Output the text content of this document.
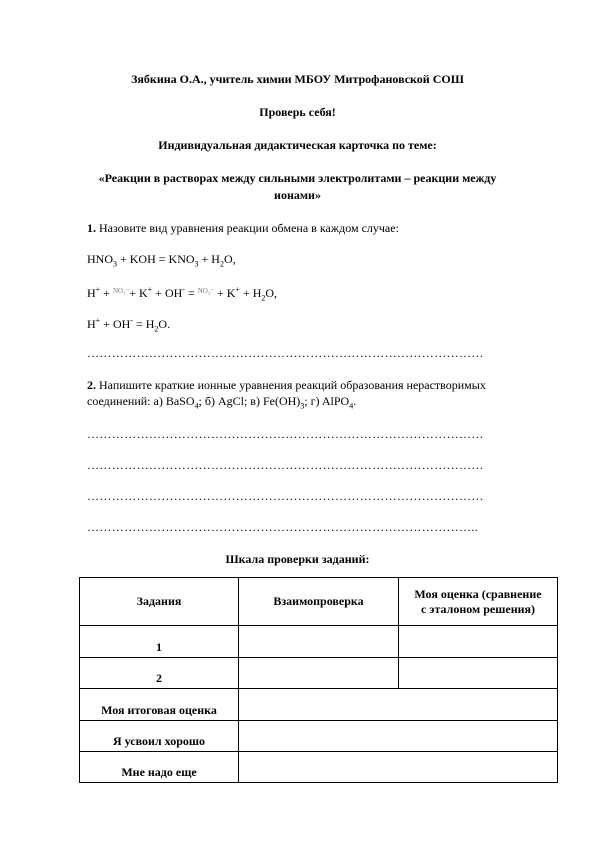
Зябкина О.А., учитель химии МБОУ Митрофановской СОШ
Проверь себя!
Индивидуальная дидактическая карточка по теме:
«Реакции в растворах между сильными электролитами – реакции между
ионами»
1. Назовите вид уравнения реакции обмена в каждом случае:
$HNO_3$ + KOH = $KNO_3 + H_2O$,
$H^+ + ^{NO_3^-}+ K^+ + OH^- = ^{NO_3^-} + K^+ + H_2O$,
$H^+ + OH^- = H_2O$.
……………………………………………………………………………………
2. Напишите краткие ионные уравнения реакций образования нерастворимых
соединений: а) BaSO$_4$; б) AgCl; в) $Fe(OH)_3$; г) AlPO$_4$.
……………………………………………………………………………………
……………………………………………………………………………………
……………………………………………………………………………………
…………………………………………………………………………………..
Шкала проверки заданий:
Задания	Взаимопроверка	Моя оценка (сравнение
с эталоном решения)

1		
2		
Моя итоговая оценка		
Я усвоил хорошо		
Мне надо еще		
